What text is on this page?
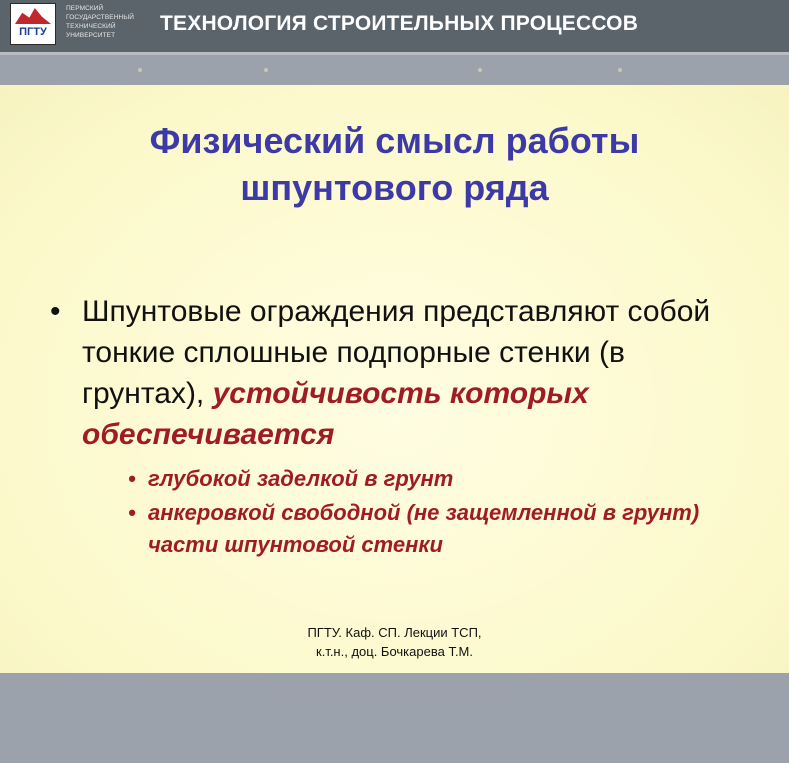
ПГТУ
ПЕРМСКИЙ
ГОСУДАРСТВЕННЫЙ
ТЕХНИЧЕСКИЙ
УНИВЕРСИТЕТ
ТЕХНОЛОГИЯ СТРОИТЕЛЬНЫХ ПРОЦЕССОВ
Физический смысл работы
шпунтового ряда
• Шпунтовые ограждения представляют собой тонкие сплошные подпорные стенки (в грунтах), устойчивость которых обеспечивается
• глубокой заделкой в грунт
• анкеровкой свободной (не защемленной в грунт) части шпунтовой стенки
ПГТУ. Каф. СП. Лекции ТСП,
к.т.н., доц. Бочкарева Т.М.
